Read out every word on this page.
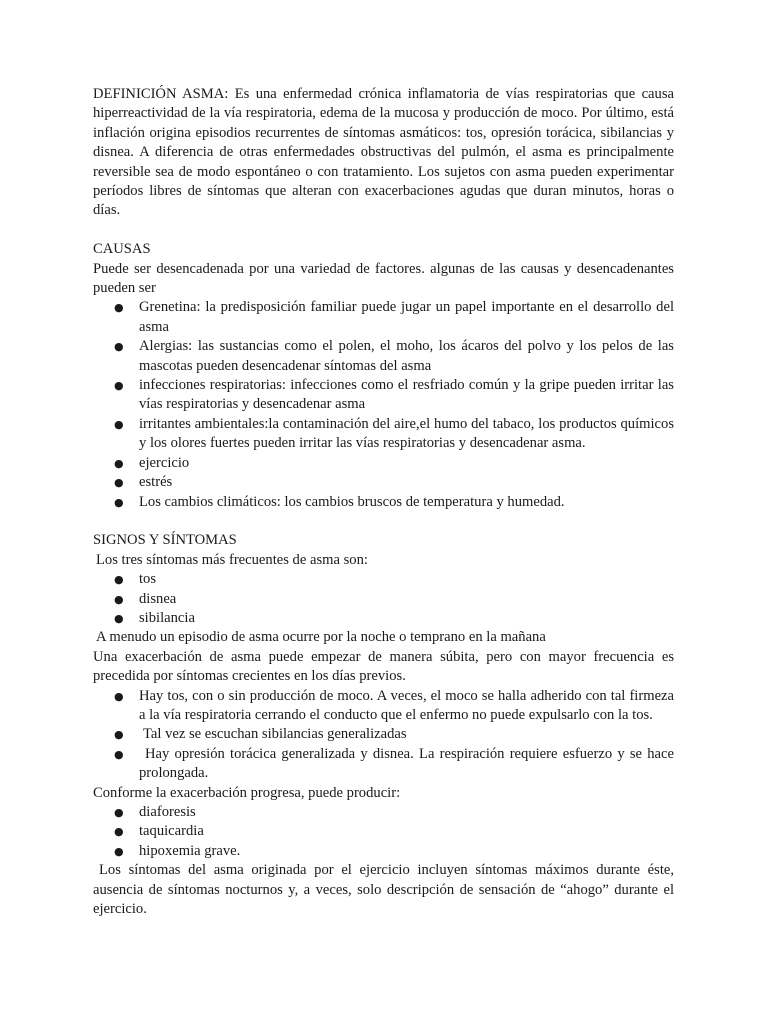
DEFINICIÓN ASMA: Es una enfermedad crónica inflamatoria de vías respiratorias que causa hiperreactividad de la vía respiratoria, edema de la mucosa y producción de moco. Por último, está inflación origina episodios recurrentes de síntomas asmáticos: tos, opresión torácica, sibilancias y disnea. A diferencia de otras enfermedades obstructivas del pulmón, el asma es principalmente reversible sea de modo espontáneo o con tratamiento. Los sujetos con asma pueden experimentar períodos libres de síntomas que alteran con exacerbaciones agudas que duran minutos, horas o días.

CAUSAS

Puede ser desencadenada por una variedad de factores. algunas de las causas y desencadenantes pueden ser

● Grenetina: la predisposición familiar puede jugar un papel importante en el desarrollo del asma
● Alergias: las sustancias como el polen, el moho, los ácaros del polvo y los pelos de las mascotas pueden desencadenar síntomas del asma
● infecciones respiratorias: infecciones como el resfriado común y la gripe pueden irritar las vías respiratorias y desencadenar asma
● irritantes ambientales:la contaminación del aire,el humo del tabaco, los productos químicos y los olores fuertes pueden irritar las vías respiratorias y desencadenar asma.
● ejercicio
● estrés
● Los cambios climáticos: los cambios bruscos de temperatura y humedad.

SIGNOS Y SÍNTOMAS

Los tres síntomas más frecuentes de asma son:

● tos
● disnea
● sibilancia

A menudo un episodio de asma ocurre por la noche o temprano en la mañana

Una exacerbación de asma puede empezar de manera súbita, pero con mayor frecuencia es precedida por síntomas crecientes en los días previos.

● Hay tos, con o sin producción de moco. A veces, el moco se halla adherido con tal firmeza a la vía respiratoria cerrando el conducto que el enfermo no puede expulsarlo con la tos.
● Tal vez se escuchan sibilancias generalizadas
● Hay opresión torácica generalizada y disnea. La respiración requiere esfuerzo y se hace prolongada.

Conforme la exacerbación progresa, puede producir:

● diaforesis
● taquicardia
● hipoxemia grave.

Los síntomas del asma originada por el ejercicio incluyen síntomas máximos durante éste, ausencia de síntomas nocturnos y, a veces, solo descripción de sensación de “ahogo” durante el ejercicio.
